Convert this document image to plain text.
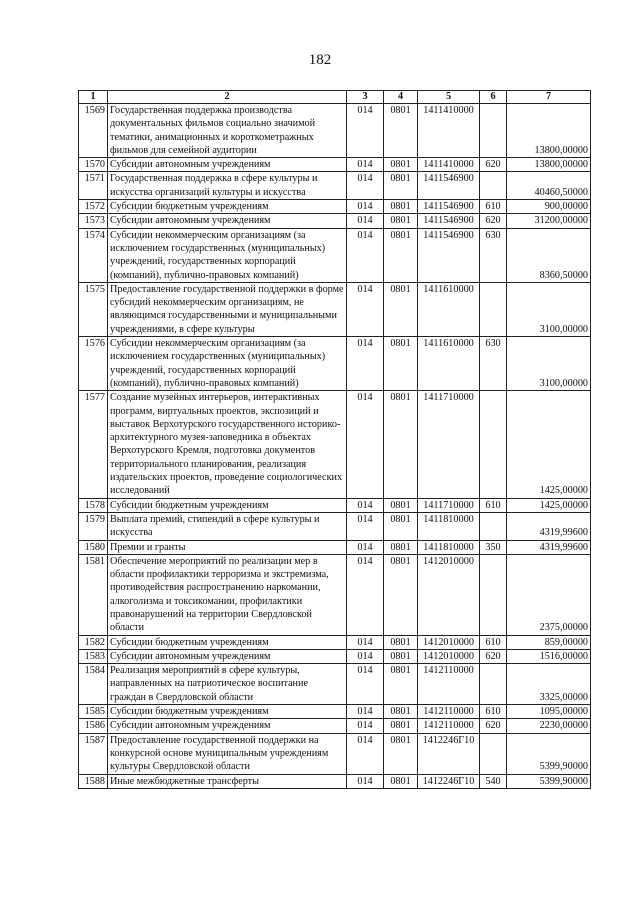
182
1	2	3	4	5	6	7
1569	Государственная поддержка производства документальных фильмов социально значимой тематики, анимационных и короткометражных фильмов для семейной аудитории	014	0801	1411410000		13800,00000
1570	Субсидии автономным учреждениям	014	0801	1411410000	620	13800,00000
1571	Государственная поддержка в сфере культуры и искусства организаций культуры и искусства	014	0801	1411546900		40460,50000
1572	Субсидии бюджетным учреждениям	014	0801	1411546900	610	900,00000
1573	Субсидии автономным учреждениям	014	0801	1411546900	620	31200,00000
1574	Субсидии некоммерческим организациям (за исключением государственных (муниципальных) учреждений, государственных корпораций (компаний), публично-правовых компаний)	014	0801	1411546900	630	8360,50000
1575	Предоставление государственной поддержки в форме субсидий некоммерческим организациям, не являющимся государственными и муниципальными учреждениями, в сфере культуры	014	0801	1411610000		3100,00000
1576	Субсидии некоммерческим организациям (за исключением государственных (муниципальных) учреждений, государственных корпораций (компаний), публично-правовых компаний)	014	0801	1411610000	630	3100,00000
1577	Создание музейных интерьеров, интерактивных программ, виртуальных проектов, экспозиций и выставок Верхотурского государственного историко-архитектурного музея-заповедника в объектах Верхотурского Кремля, подготовка документов территориального планирования, реализация издательских проектов, проведение социологических исследований	014	0801	1411710000		1425,00000
1578	Субсидии бюджетным учреждениям	014	0801	1411710000	610	1425,00000
1579	Выплата премий, стипендий в сфере культуры и искусства	014	0801	1411810000		4319,99600
1580	Премии и гранты	014	0801	1411810000	350	4319,99600
1581	Обеспечение мероприятий по реализации мер в области профилактики терроризма и экстремизма, противодействия распространению наркомании, алкоголизма и токсикомании, профилактики правонарушений на территории Свердловской области	014	0801	1412010000		2375,00000
1582	Субсидии бюджетным учреждениям	014	0801	1412010000	610	859,00000
1583	Субсидии автономным учреждениям	014	0801	1412010000	620	1516,00000
1584	Реализация мероприятий в сфере культуры, направленных на патриотическое воспитание граждан в Свердловской области	014	0801	1412110000		3325,00000
1585	Субсидии бюджетным учреждениям	014	0801	1412110000	610	1095,00000
1586	Субсидии автономным учреждениям	014	0801	1412110000	620	2230,00000
1587	Предоставление государственной поддержки на конкурсной основе муниципальным учреждениям культуры Свердловской области	014	0801	1412246Г10		5399,90000
1588	Иные межбюджетные трансферты	014	0801	1412246Г10	540	5399,90000
